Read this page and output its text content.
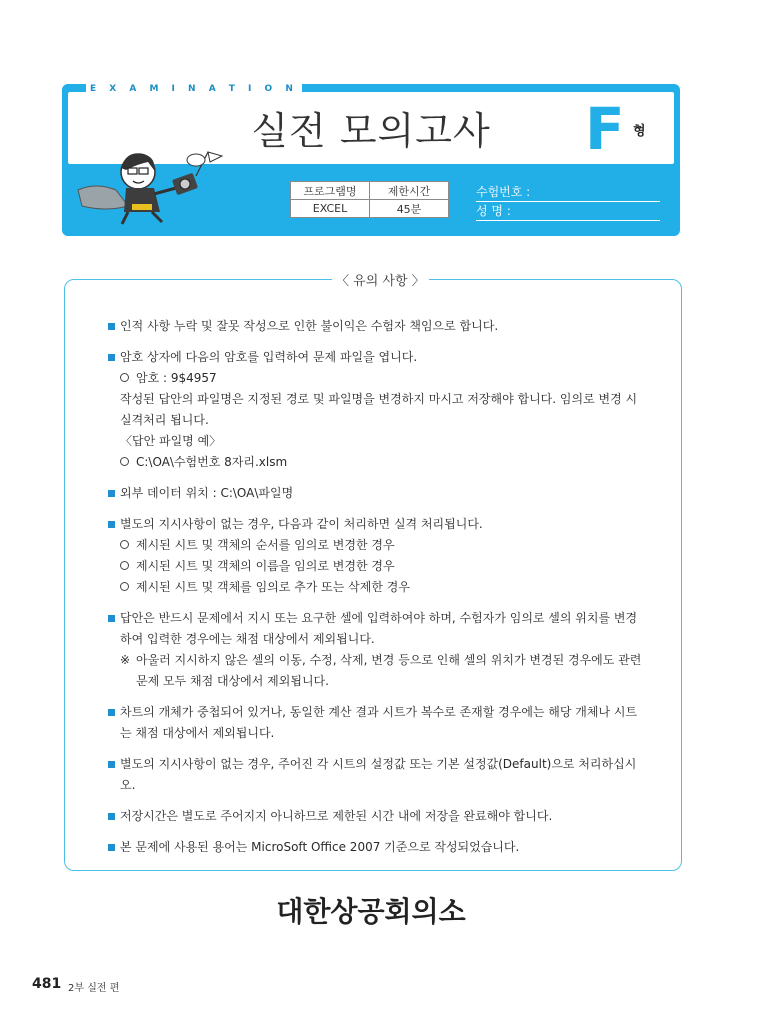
E X A M I N A T I O N
실전 모의고사	F 형
프로그램명	제한시간
EXCEL	45분
수험번호 :
성 명 :
〈 유의 사항 〉
인적 사항 누락 및 잘못 작성으로 인한 불이익은 수험자 책임으로 합니다.
암호 상자에 다음의 암호를 입력하여 문제 파일을 엽니다.
암호 : 9$4957
작성된 답안의 파일명은 지정된 경로 및 파일명을 변경하지 마시고 저장해야 합니다. 임의로 변경 시 실격처리 됩니다.
〈답안 파일명 예〉
C:\OA\수험번호 8자리.xlsm
외부 데이터 위치 : C:\OA\파일명
별도의 지시사항이 없는 경우, 다음과 같이 처리하면 실격 처리됩니다.
제시된 시트 및 객체의 순서를 임의로 변경한 경우
제시된 시트 및 객체의 이름을 임의로 변경한 경우
제시된 시트 및 객체를 임의로 추가 또는 삭제한 경우
답안은 반드시 문제에서 지시 또는 요구한 셀에 입력하여야 하며, 수험자가 임의로 셀의 위치를 변경하여 입력한 경우에는 채점 대상에서 제외됩니다.
※ 아울러 지시하지 않은 셀의 이동, 수정, 삭제, 변경 등으로 인해 셀의 위치가 변경된 경우에도 관련 문제 모두 채점 대상에서 제외됩니다.
차트의 개체가 중첩되어 있거나, 동일한 계산 결과 시트가 복수로 존재할 경우에는 해당 개체나 시트는 채점 대상에서 제외됩니다.
별도의 지시사항이 없는 경우, 주어진 각 시트의 설정값 또는 기본 설정값(Default)으로 처리하십시오.
저장시간은 별도로 주어지지 아니하므로 제한된 시간 내에 저장을 완료해야 합니다.
본 문제에 사용된 용어는 MicroSoft Office 2007 기준으로 작성되었습니다.
대한상공회의소
481 2부 실전 편
